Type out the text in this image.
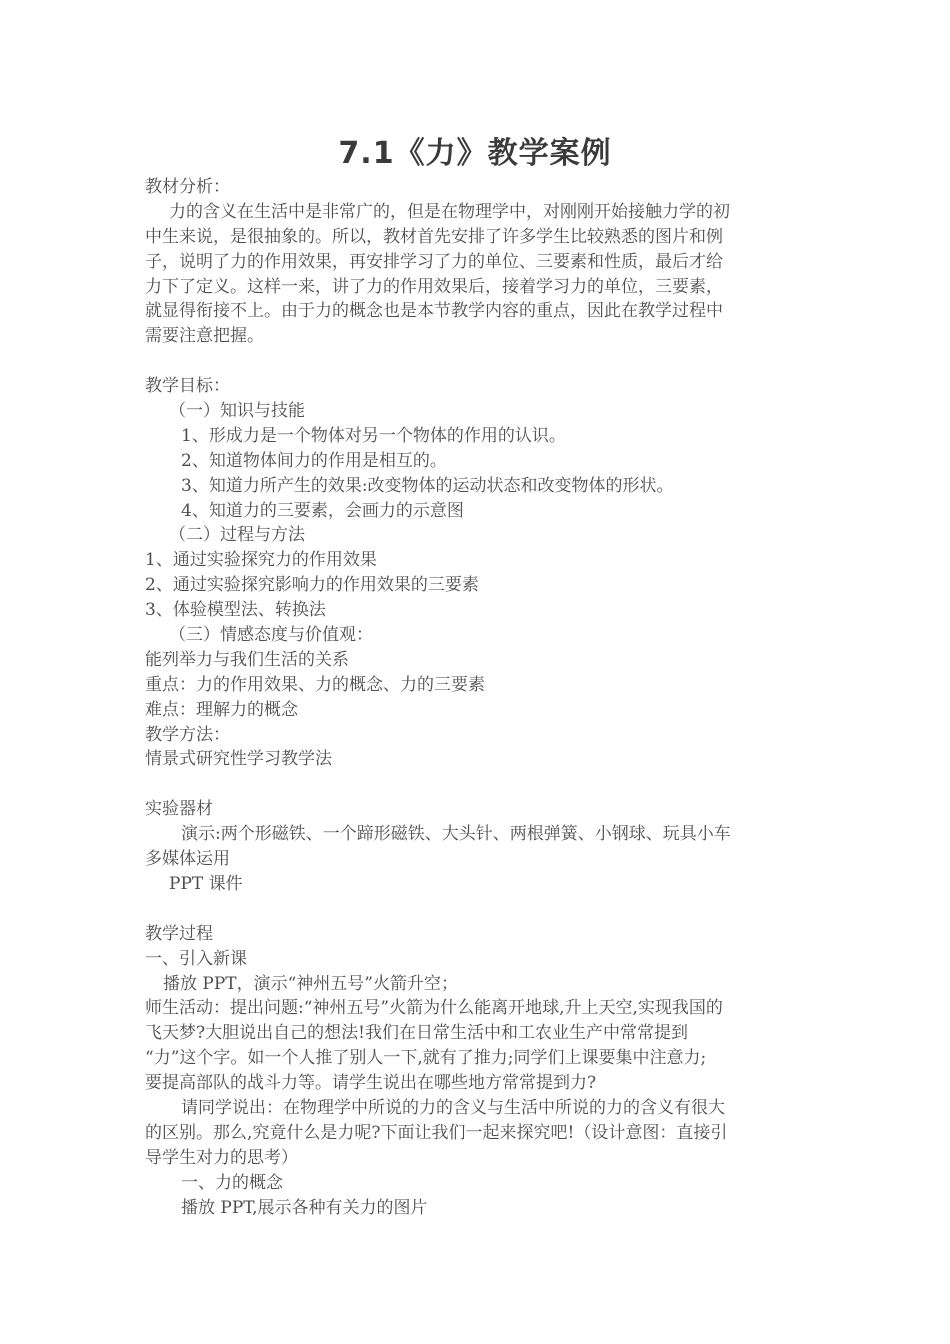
7.1《力》教学案例
教材分析：
力的含义在生活中是非常广的，但是在物理学中，对刚刚开始接触力学的初
中生来说，是很抽象的。所以，教材首先安排了许多学生比较熟悉的图片和例
子，说明了力的作用效果，再安排学习了力的单位、三要素和性质，最后才给
力下了定义。这样一来，讲了力的作用效果后，接着学习力的单位，三要素，
就显得衔接不上。由于力的概念也是本节教学内容的重点，因此在教学过程中
需要注意把握。
教学目标：
（一）知识与技能
1、形成力是一个物体对另一个物体的作用的认识。
2、知道物体间力的作用是相互的。
3、知道力所产生的效果:改变物体的运动状态和改变物体的形状。
4、知道力的三要素，会画力的示意图
（二）过程与方法
1、通过实验探究力的作用效果
2、通过实验探究影响力的作用效果的三要素
3、体验模型法、转换法
（三）情感态度与价值观：
能列举力与我们生活的关系
重点：力的作用效果、力的概念、力的三要素
难点：理解力的概念
教学方法：
情景式研究性学习教学法
实验器材
演示:两个形磁铁、一个蹄形磁铁、大头针、两根弹簧、小钢球、玩具小车
多媒体运用
PPT 课件
教学过程
一、引入新课
播放 PPT，演示“神州五号”火箭升空；
师生活动：提出问题:“神州五号”火箭为什么能离开地球,升上天空,实现我国的
飞天梦?大胆说出自己的想法!我们在日常生活中和工农业生产中常常提到
“力”这个字。如一个人推了别人一下,就有了推力;同学们上课要集中注意力;
要提高部队的战斗力等。请学生说出在哪些地方常常提到力?
请同学说出：在物理学中所说的力的含义与生活中所说的力的含义有很大
的区别。那么,究竟什么是力呢?下面让我们一起来探究吧!（设计意图：直接引
导学生对力的思考）
一、力的概念
播放 PPT,展示各种有关力的图片
